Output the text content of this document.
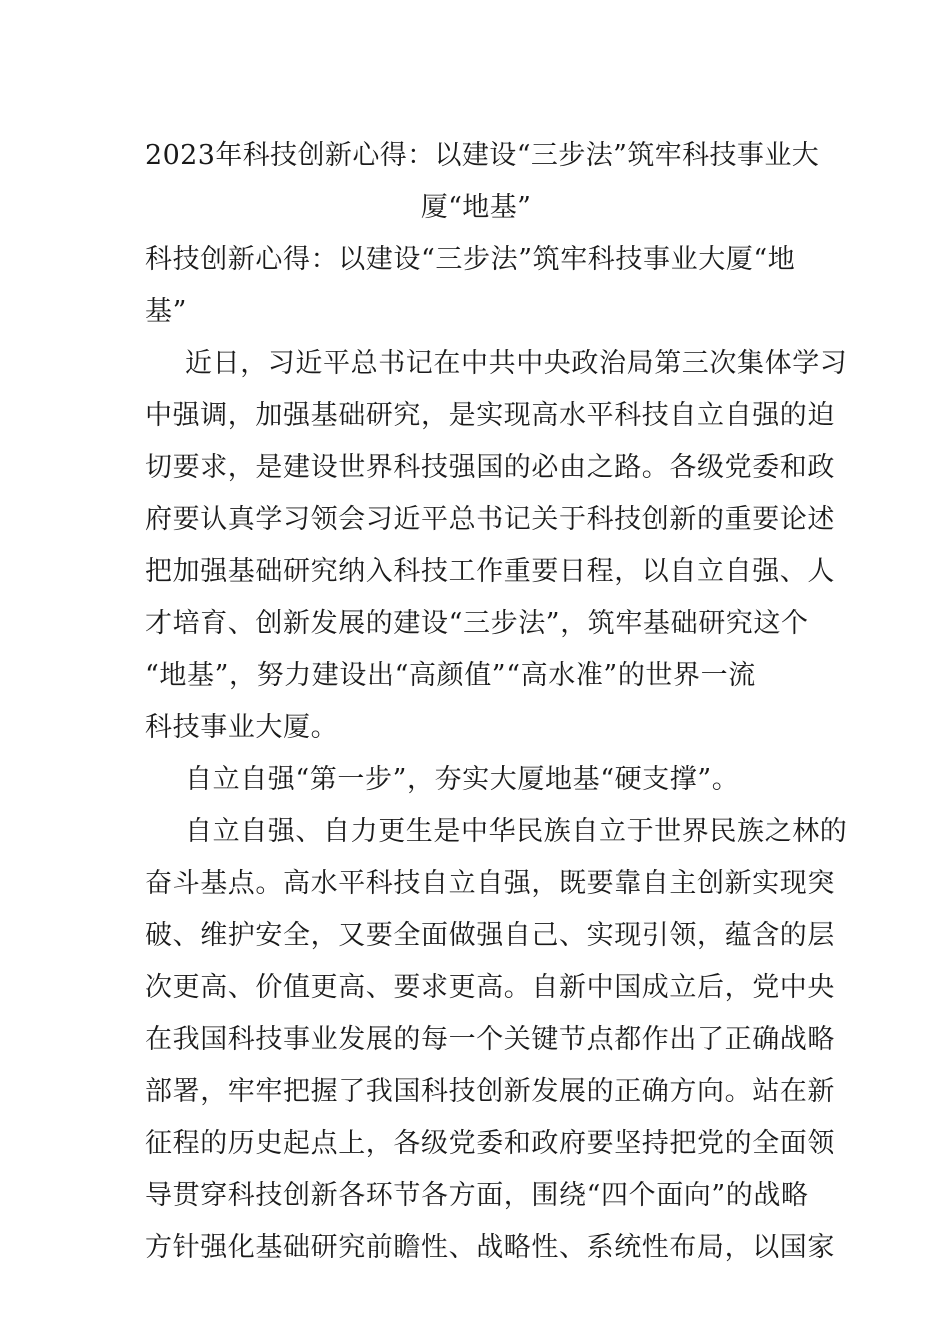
2023年科技创新心得：以建设“三步法”筑牢科技事业大
厦“地基”
科技创新心得：以建设“三步法”筑牢科技事业大厦“地
基”
近日，习近平总书记在中共中央政治局第三次集体学习
中强调，加强基础研究，是实现高水平科技自立自强的迫
切要求，是建设世界科技强国的必由之路。各级党委和政
府要认真学习领会习近平总书记关于科技创新的重要论述
把加强基础研究纳入科技工作重要日程，以自立自强、人
才培育、创新发展的建设“三步法”，筑牢基础研究这个
“地基”，努力建设出“高颜值”“高水准”的世界一流
科技事业大厦。
自立自强“第一步”，夯实大厦地基“硬支撑”。
自立自强、自力更生是中华民族自立于世界民族之林的
奋斗基点。高水平科技自立自强，既要靠自主创新实现突
破、维护安全，又要全面做强自己、实现引领，蕴含的层
次更高、价值更高、要求更高。自新中国成立后，党中央
在我国科技事业发展的每一个关键节点都作出了正确战略
部署，牢牢把握了我国科技创新发展的正确方向。站在新
征程的历史起点上，各级党委和政府要坚持把党的全面领
导贯穿科技创新各环节各方面，围绕“四个面向”的战略
方针强化基础研究前瞻性、战略性、系统性布局，以国家
